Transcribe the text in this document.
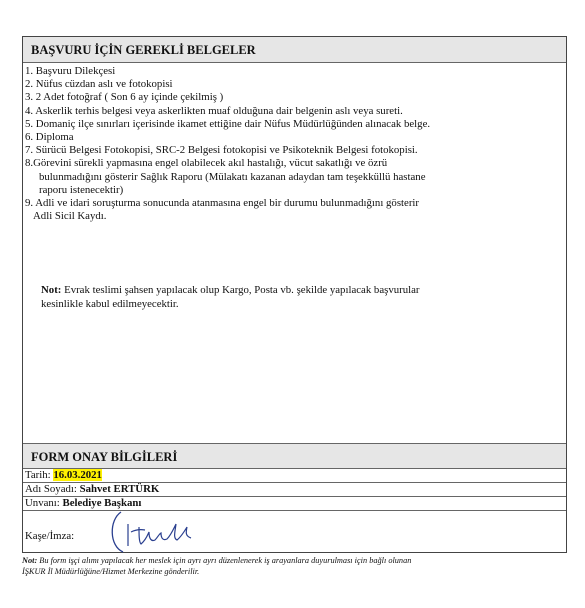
BAŞVURU İÇİN GEREKLİ BELGELER
1. Başvuru Dilekçesi
2. Nüfus cüzdan aslı ve fotokopisi
3. 2 Adet fotoğraf ( Son 6 ay içinde çekilmiş )
4. Askerlik terhis belgesi veya askerlikten muaf olduğuna dair belgenin aslı veya sureti.
5. Domaniç ilçe sınırları içerisinde ikamet ettiğine dair Nüfus Müdürlüğünden alınacak belge.
6. Diploma
7. Sürücü Belgesi Fotokopisi, SRC-2 Belgesi fotokopisi ve Psikoteknik Belgesi fotokopisi.
8.Görevini sürekli yapmasına engel olabilecek akıl hastalığı, vücut sakatlığı ve özrü
bulunmadığını gösterir Sağlık Raporu (Mülakatı kazanan adaydan tam teşekküllü hastane
raporu istenecektir)
9. Adli ve idari soruşturma sonucunda atanmasına engel bir durumu bulunmadığını gösterir
Adli Sicil Kaydı.
Not: Evrak teslimi şahsen yapılacak olup Kargo, Posta vb. şekilde yapılacak başvurular
kesinlikle kabul edilmeyecektir.
FORM ONAY BİLGİLERİ
Tarih: 16.03.2021
Adı Soyadı: Sahvet ERTÜRK
Unvanı: Belediye Başkanı
Kaşe/İmza:
Not: Bu form işçi alımı yapılacak her meslek için ayrı ayrı düzenlenerek iş arayanlara duyurulması için bağlı olunan
İŞKUR İl Müdürlüğüne/Hizmet Merkezine gönderilir.
